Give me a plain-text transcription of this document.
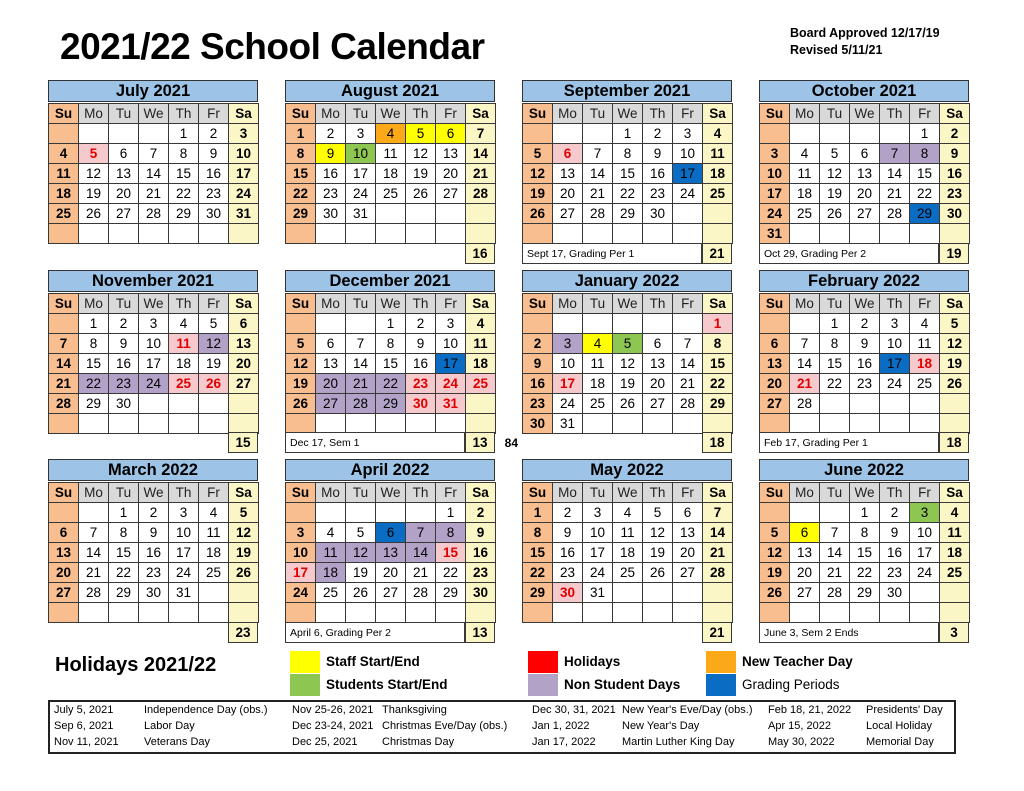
2021/22 School Calendar	Board Approved 12/17/19
Revised 5/11/21
July 2021
Su	Mo	Tu	We	Th	Fr	Sa
				1	2	3
4	5	6	7	8	9	10
11	12	13	14	15	16	17
18	19	20	21	22	23	24
25	26	27	28	29	30	31

August 2021
Su	Mo	Tu	We	Th	Fr	Sa
1	2	3	4	5	6	7
8	9	10	11	12	13	14
15	16	17	18	19	20	21
22	23	24	25	26	27	28
29	30	31				

16
September 2021
Su	Mo	Tu	We	Th	Fr	Sa
			1	2	3	4
5	6	7	8	9	10	11
12	13	14	15	16	17	18
19	20	21	22	23	24	25
26	27	28	29	30		

Sept 17, Grading Per 1	21
October 2021
Su	Mo	Tu	We	Th	Fr	Sa
					1	2
3	4	5	6	7	8	9
10	11	12	13	14	15	16
17	18	19	20	21	22	23
24	25	26	27	28	29	30
31						
Oct 29, Grading Per 2	19
November 2021
Su	Mo	Tu	We	Th	Fr	Sa
	1	2	3	4	5	6
7	8	9	10	11	12	13
14	15	16	17	18	19	20
21	22	23	24	25	26	27
28	29	30				

15
December 2021
Su	Mo	Tu	We	Th	Fr	Sa
			1	2	3	4
5	6	7	8	9	10	11
12	13	14	15	16	17	18
19	20	21	22	23	24	25
26	27	28	29	30	31	

Dec 17, Sem 1	13	84
January 2022
Su	Mo	Tu	We	Th	Fr	Sa
						1
2	3	4	5	6	7	8
9	10	11	12	13	14	15
16	17	18	19	20	21	22
23	24	25	26	27	28	29
30	31					
18
February 2022
Su	Mo	Tu	We	Th	Fr	Sa
		1	2	3	4	5
6	7	8	9	10	11	12
13	14	15	16	17	18	19
20	21	22	23	24	25	26
27	28					

Feb 17, Grading Per 1	18
March 2022
Su	Mo	Tu	We	Th	Fr	Sa
		1	2	3	4	5
6	7	8	9	10	11	12
13	14	15	16	17	18	19
20	21	22	23	24	25	26
27	28	29	30	31		

23
April 2022
Su	Mo	Tu	We	Th	Fr	Sa
					1	2
3	4	5	6	7	8	9
10	11	12	13	14	15	16
17	18	19	20	21	22	23
24	25	26	27	28	29	30

April 6, Grading Per 2	13
May 2022
Su	Mo	Tu	We	Th	Fr	Sa
1	2	3	4	5	6	7
8	9	10	11	12	13	14
15	16	17	18	19	20	21
22	23	24	25	26	27	28
29	30	31				

21
June 2022
Su	Mo	Tu	We	Th	Fr	Sa
			1	2	3	4
5	6	7	8	9	10	11
12	13	14	15	16	17	18
19	20	21	22	23	24	25
26	27	28	29	30		

June 3, Sem 2 Ends	3
Holidays 2021/22	Staff Start/End
Students Start/End
Holidays
Non Student Days
New Teacher Day
Grading Periods
July 5, 2021	Independence Day (obs.)	Nov 25-26, 2021 Thanksgiving	Dec 30, 31, 2021 New Year's Eve/Day (obs.)	Feb 18, 21, 2022	Presidents' Day
Sep 6, 2021	Labor Day	Dec 23-24, 2021 Christmas Eve/Day (obs.)	Jan 1, 2022	New Year's Day	Apr 15, 2022	Local Holiday
Nov 11, 2021	Veterans Day	Dec 25, 2021	Christmas Day	Jan 17, 2022	Martin Luther King Day	May 30, 2022	Memorial Day
